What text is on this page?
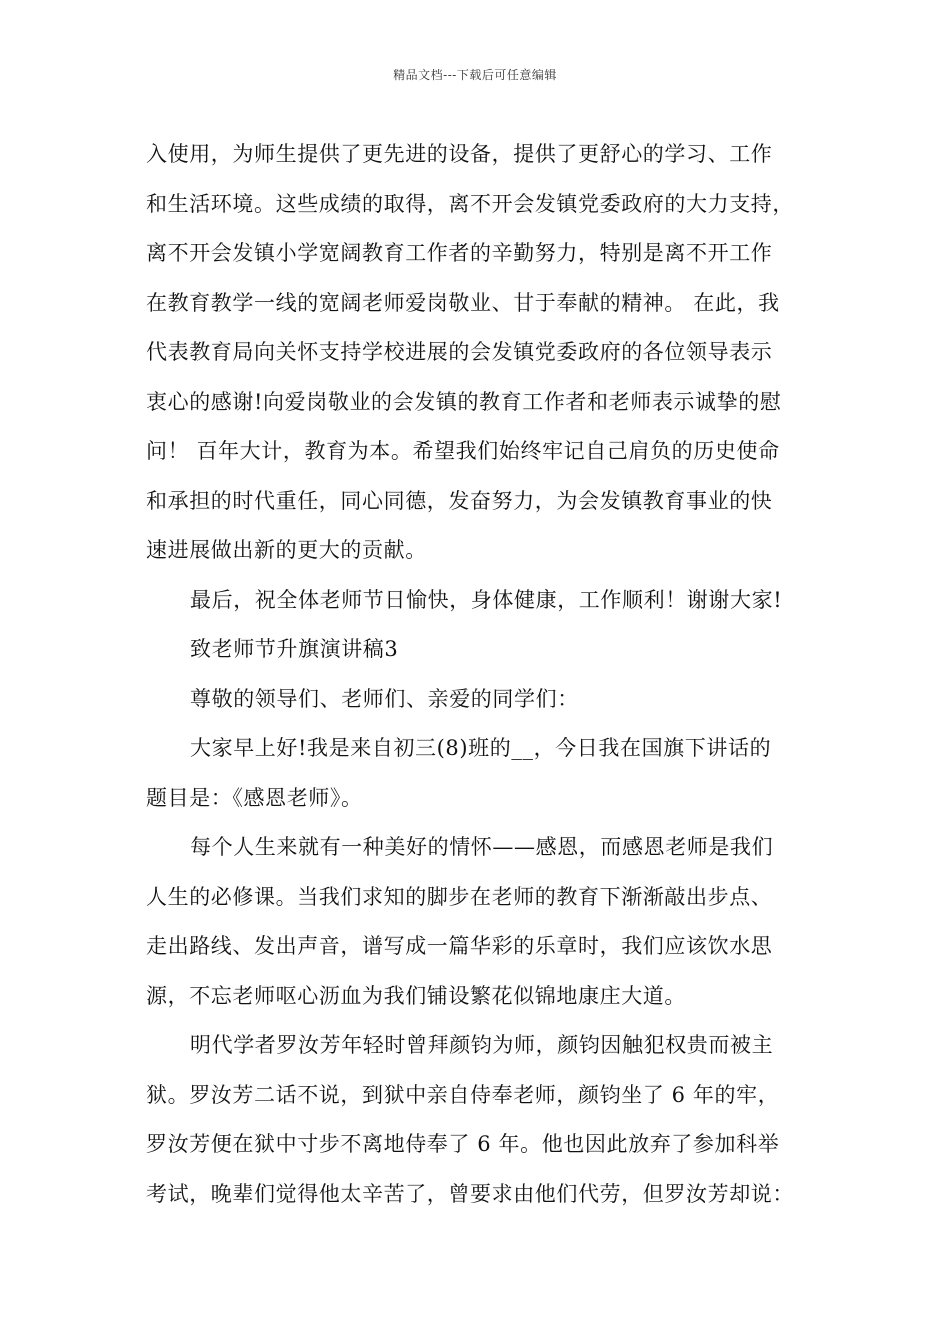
精品文档---下载后可任意编辑
入使用，为师生提供了更先进的设备，提供了更舒心的学习、工作
和生活环境。这些成绩的取得，离不开会发镇党委政府的大力支持，
离不开会发镇小学宽阔教育工作者的辛勤努力，特别是离不开工作
在教育教学一线的宽阔老师爱岗敬业、甘于奉献的精神。 在此，我
代表教育局向关怀支持学校进展的会发镇党委政府的各位领导表示
衷心的感谢!向爱岗敬业的会发镇的教育工作者和老师表示诚挚的慰
问！ 百年大计，教育为本。希望我们始终牢记自己肩负的历史使命
和承担的时代重任，同心同德，发奋努力，为会发镇教育事业的快
速进展做出新的更大的贡献。
最后，祝全体老师节日愉快，身体健康，工作顺利！谢谢大家!
致老师节升旗演讲稿3
尊敬的领导们、老师们、亲爱的同学们：
大家早上好!我是来自初三(8)班的__，今日我在国旗下讲话的
题目是：《感恩老师》。
每个人生来就有一种美好的情怀——感恩，而感恩老师是我们
人生的必修课。当我们求知的脚步在老师的教育下渐渐敲出步点、
走出路线、发出声音，谱写成一篇华彩的乐章时，我们应该饮水思
源，不忘老师呕心沥血为我们铺设繁花似锦地康庄大道。
明代学者罗汝芳年轻时曾拜颜钧为师，颜钧因触犯权贵而被主
狱。罗汝芳二话不说，到狱中亲自侍奉老师，颜钧坐了 6 年的牢，
罗汝芳便在狱中寸步不离地侍奉了 6 年。他也因此放弃了参加科举
考试，晚辈们觉得他太辛苦了，曾要求由他们代劳，但罗汝芳却说：
